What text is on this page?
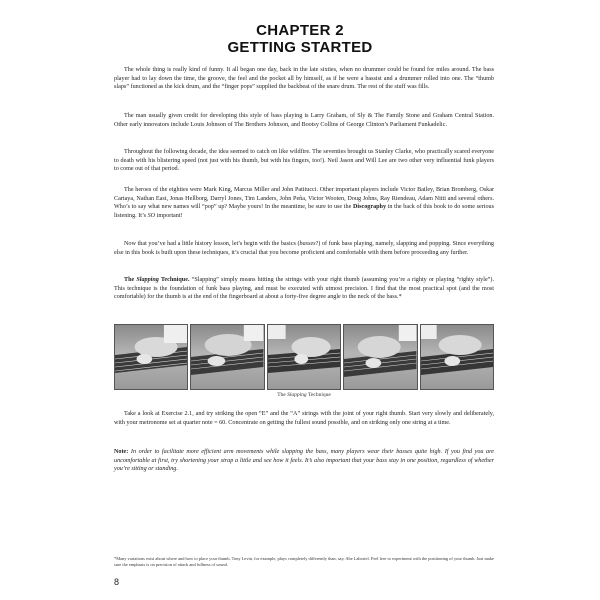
CHAPTER 2
GETTING STARTED

The whole thing is really kind of funny. It all began one day, back in the late sixties, when no drummer could be found for miles around. The bass player had to lay down the time, the groove, the feel and the pocket all by himself, as if he were a bassist and a drummer rolled into one. The “thumb slaps” functioned as the kick drum, and the “finger pops” supplied the backbeat of the snare drum. The rest of the stuff was fills.

The man usually given credit for developing this style of bass playing is Larry Graham, of Sly & The Family Stone and Graham Central Station. Other early innovators include Louis Johnson of The Brothers Johnson, and Bootsy Collins of George Clinton’s Parliament Funkadelic.

Throughout the following decade, the idea seemed to catch on like wildfire. The seventies brought us Stanley Clarke, who practically scared everyone to death with his blistering speed (not just with his thumb, but with his fingers, too!). Neil Jason and Will Lee are two other very influential funk players to come out of that period.

The heroes of the eighties were Mark King, Marcus Miller and John Patitucci. Other important players include Victor Bailey, Brian Bromberg, Oskar Cartaya, Nathan East, Jonas Hellborg, Darryl Jones, Tim Landers, John Peña, Victor Wooten, Doug Johns, Ray Riendeau, Adam Nitti and several others. Who’s to say what new names will “pop” up? Maybe yours! In the meantime, be sure to use the Discography in the back of this book to do some serious listening. It’s SO important!

Now that you’ve had a little history lesson, let’s begin with the basics (basses?) of funk bass playing, namely, slapping and popping. Since everything else in this book is built upon these techniques, it’s crucial that you become proficient and comfortable with them before proceeding any further.

The Slapping Technique. “Slapping” simply means hitting the strings with your right thumb (assuming you’re a righty or playing “righty style”). This technique is the foundation of funk bass playing, and must be executed with utmost precision. I find that the most practical spot (and the most comfortable) for the thumb is at the end of the fingerboard at about a forty-five degree angle to the neck of the bass.*

The Slapping Technique

Take a look at Exercise 2.1, and try striking the open “E” and the “A” strings with the joint of your right thumb. Start very slowly and deliberately, with your metronome set at quarter note = 60. Concentrate on getting the fullest sound possible, and on striking only one string at a time.

Note: In order to facilitate more efficient arm movements while slapping the bass, many players wear their basses quite high. If you find you are uncomfortable at first, try shortening your strap a little and see how it feels. It’s also important that your bass stay in one position, regardless of whether you’re sitting or standing.

*Many variations exist about where and how to place your thumb. Tony Levin, for example, plays completely differently than, say, Abe Laboriel. Feel free to experiment with the positioning of your thumb. Just make sure the emphasis is on precision of attack and fullness of sound.
8
